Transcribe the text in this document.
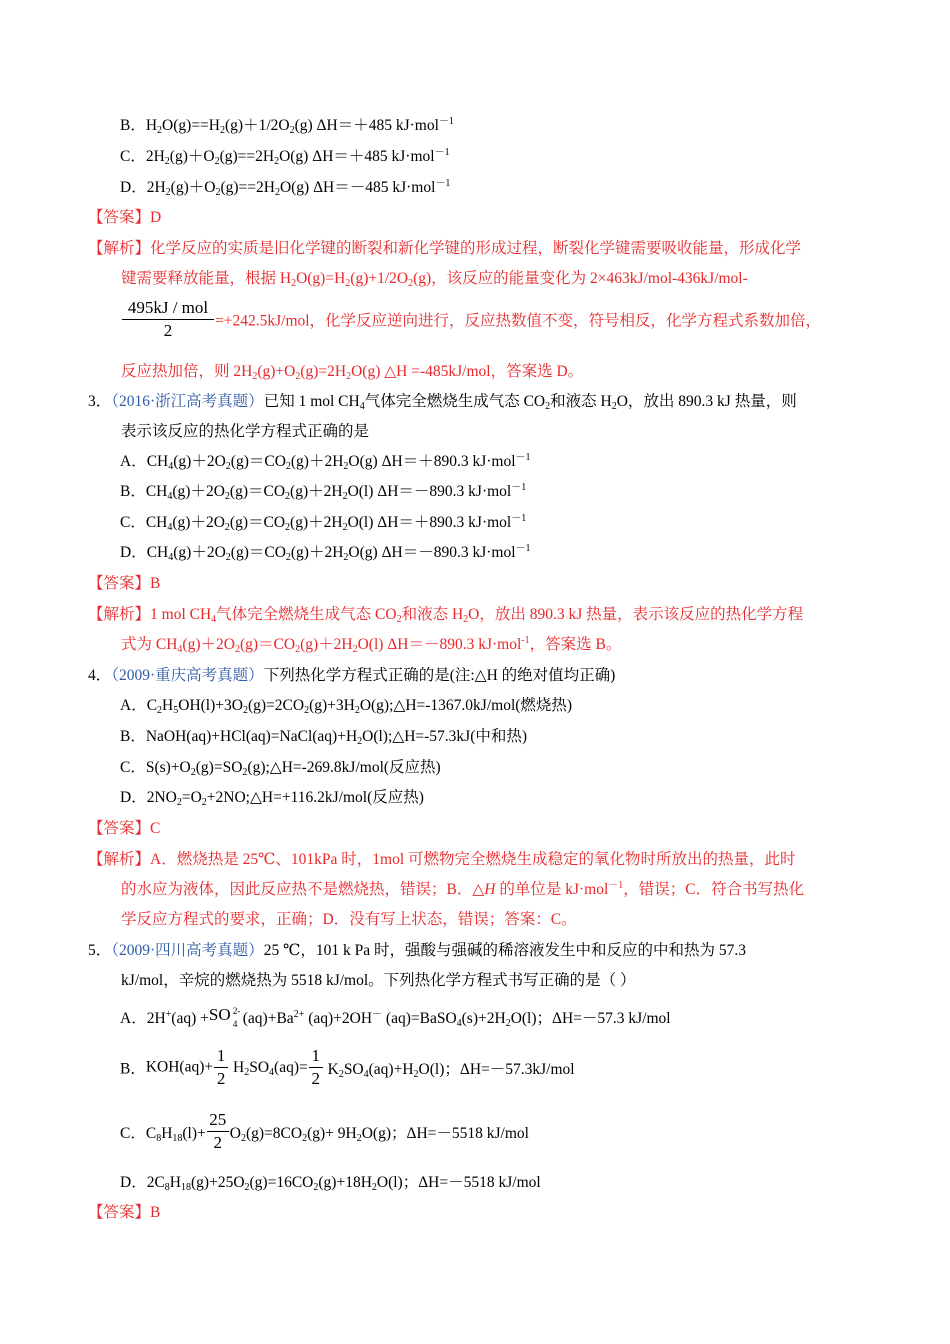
B．$H_2O(g)==H_2(g)+1/2O_2(g)$ ΔH＝＋485 kJ·mol$^{-1}$
C．$2H_2(g)+O_2(g)==2H_2O(g)$ ΔH＝＋485 kJ·mol$^{-1}$
D．$2H_2(g)+O_2(g)==2H_2O(g)$ ΔH＝－485 kJ·mol$^{-1}$
【答案】D
【解析】化学反应的实质是旧化学键的断裂和新化学键的形成过程，断裂化学键需要吸收能量，形成化学
键需要释放能量，根据 $H_2O(g)=H_2(g)+1/2O_2(g)$，该反应的能量变化为 2×463kJ/mol-436kJ/mol-
$\frac{\text{495kJ / mol}}{2} =+242.5kJ/mol$，化学反应逆向进行，反应热数值不变，符号相反，化学方程式系数加倍，
反应热加倍，则 $2H_2(g)+O_2(g)=2H_2O(g)$ △H =-485kJ/mol，答案选 D。
3．（2016·浙江高考真题）已知 1 mol $CH_4$气体完全燃烧生成气态 $CO_2$和液态 $H_2O$，放出 890.3 kJ 热量，则
表示该反应的热化学方程式正确的是
A．$CH_4(g)+2O_2(g)=CO_2(g)+2H_2O(g)$ ΔH＝＋890.3 kJ·mol$^{-1}$
B．$CH_4(g)+2O_2(g)=CO_2(g)+2H_2O(l)$ ΔH＝－890.3 kJ·mol$^{-1}$
C．$CH_4(g)+2O_2(g)=CO_2(g)+2H_2O(l)$ ΔH＝＋890.3 kJ·mol$^{-1}$
D．$CH_4(g)+2O_2(g)=CO_2(g)+2H_2O(g)$ ΔH＝－890.3 kJ·mol$^{-1}$
【答案】B
【解析】1 mol $CH_4$气体完全燃烧生成气态 $CO_2$和液态 $H_2O$，放出 890.3 kJ 热量，表示该反应的热化学方程
式为 $CH_4(g)+2O_2(g)=CO_2(g)+2H_2O(l)$ ΔH＝－890.3 kJ·mol$^{-1}$，答案选 B。
4．（2009·重庆高考真题）下列热化学方程式正确的是(注:△H 的绝对值均正确)
A．$C_2H_5OH(l)+3O_2(g)=2CO_2(g)+3H_2O(g);\triangle H=-1367.0kJ/mol$(燃烧热)
B．$NaOH(aq)+HCl(aq)=NaCl(aq)+H_2O(l);\triangle H=-57.3kJ$(中和热)
C．$S(s)+O_2(g)=SO_2(g);\triangle H=-269.8kJ/mol$(反应热)
D．$2NO_2=O_2+2NO;\triangle H=+116.2kJ/mol$(反应热)
【答案】C
【解析】A．燃烧热是 25℃、101kPa 时，1mol 可燃物完全燃烧生成稳定的氧化物时所放出的热量，此时
的水应为液体，因此反应热不是燃烧热，错误；B．△H 的单位是 kJ·mol$^{-1}$，错误；C．符合书写热化
学反应方程式的要求，正确；D．没有写上状态，错误；答案：C。
5．（2009·四川高考真题）25 ℃，101 k Pa 时，强酸与强碱的稀溶液发生中和反应的中和热为 57.3
kJ/mol，辛烷的燃烧热为 5518 kJ/mol。下列热化学方程式书写正确的是（ ）
A．2H+(aq) + SO 2-
4 $(aq)+Ba^{2+}$ (aq)+2OH－ $(aq)=BaSO_4(s)+2H_2O(l)$；ΔH=－57.3 kJ/mol
B．$KOH(aq)+ \frac{1}{2} H_2SO_4(aq)= \frac{1}{2} K_2SO_4(aq)+H_2O(l)$；ΔH=－57.3kJ/mol
C．$C_8H_{18}(l)+ \frac{25}{2} O_2(g)=8CO_2(g)+ 9H_2O(g)$；ΔH=－5518 kJ/mol
D．$2C_8H_{18}(g)+25O_2(g)=16CO_2(g)+18H_2O(l)$；ΔH=－5518 kJ/mol
【答案】B
